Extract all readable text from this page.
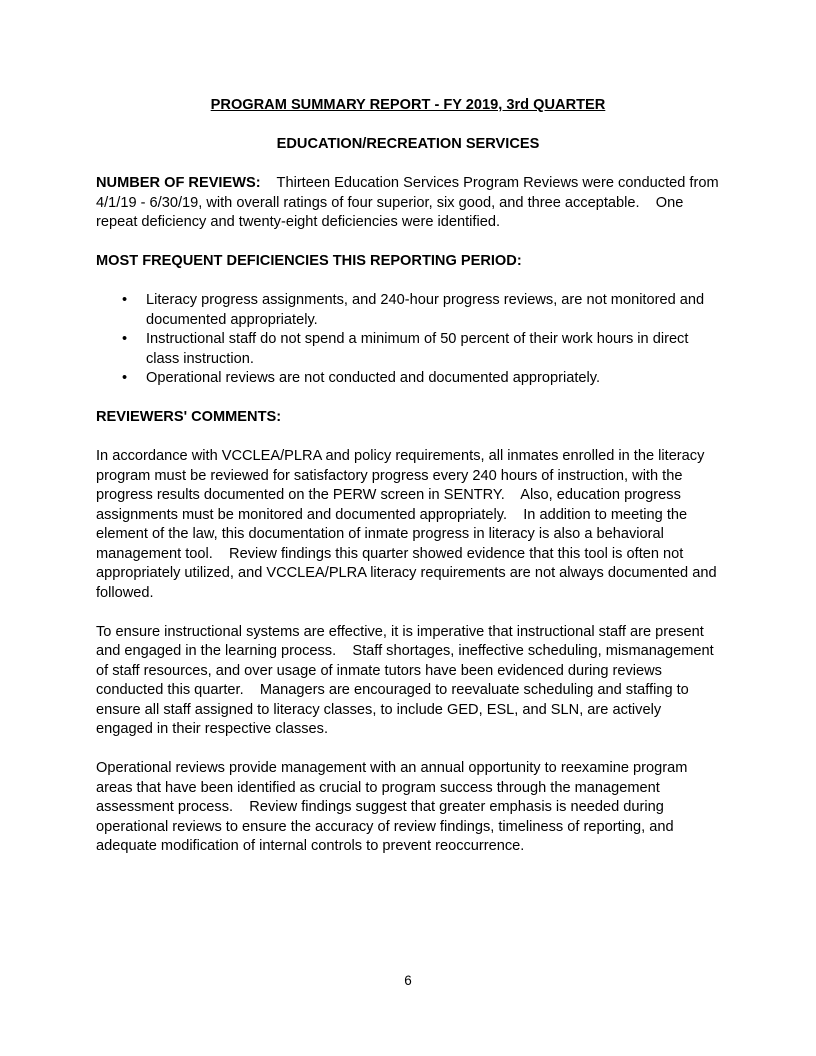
PROGRAM SUMMARY REPORT - FY 2019, 3rd QUARTER
EDUCATION/RECREATION SERVICES

NUMBER OF REVIEWS:    Thirteen Education Services Program Reviews were conducted from 4/1/19 - 6/30/19, with overall ratings of four superior, six good, and three acceptable.    One repeat deficiency and twenty-eight deficiencies were identified.

MOST FREQUENT DEFICIENCIES THIS REPORTING PERIOD:

• Literacy progress assignments, and 240-hour progress reviews, are not monitored and documented appropriately.
• Instructional staff do not spend a minimum of 50 percent of their work hours in direct class instruction.
• Operational reviews are not conducted and documented appropriately.

REVIEWERS' COMMENTS:

In accordance with VCCLEA/PLRA and policy requirements, all inmates enrolled in the literacy program must be reviewed for satisfactory progress every 240 hours of instruction, with the progress results documented on the PERW screen in SENTRY.    Also, education progress assignments must be monitored and documented appropriately.    In addition to meeting the element of the law, this documentation of inmate progress in literacy is also a behavioral management tool.    Review findings this quarter showed evidence that this tool is often not appropriately utilized, and VCCLEA/PLRA literacy requirements are not always documented and followed.

To ensure instructional systems are effective, it is imperative that instructional staff are present and engaged in the learning process.    Staff shortages, ineffective scheduling, mismanagement of staff resources, and over usage of inmate tutors have been evidenced during reviews conducted this quarter.    Managers are encouraged to reevaluate scheduling and staffing to ensure all staff assigned to literacy classes, to include GED, ESL, and SLN, are actively engaged in their respective classes.

Operational reviews provide management with an annual opportunity to reexamine program areas that have been identified as crucial to program success through the management assessment process.    Review findings suggest that greater emphasis is needed during operational reviews to ensure the accuracy of review findings, timeliness of reporting, and adequate modification of internal controls to prevent reoccurrence.

6
